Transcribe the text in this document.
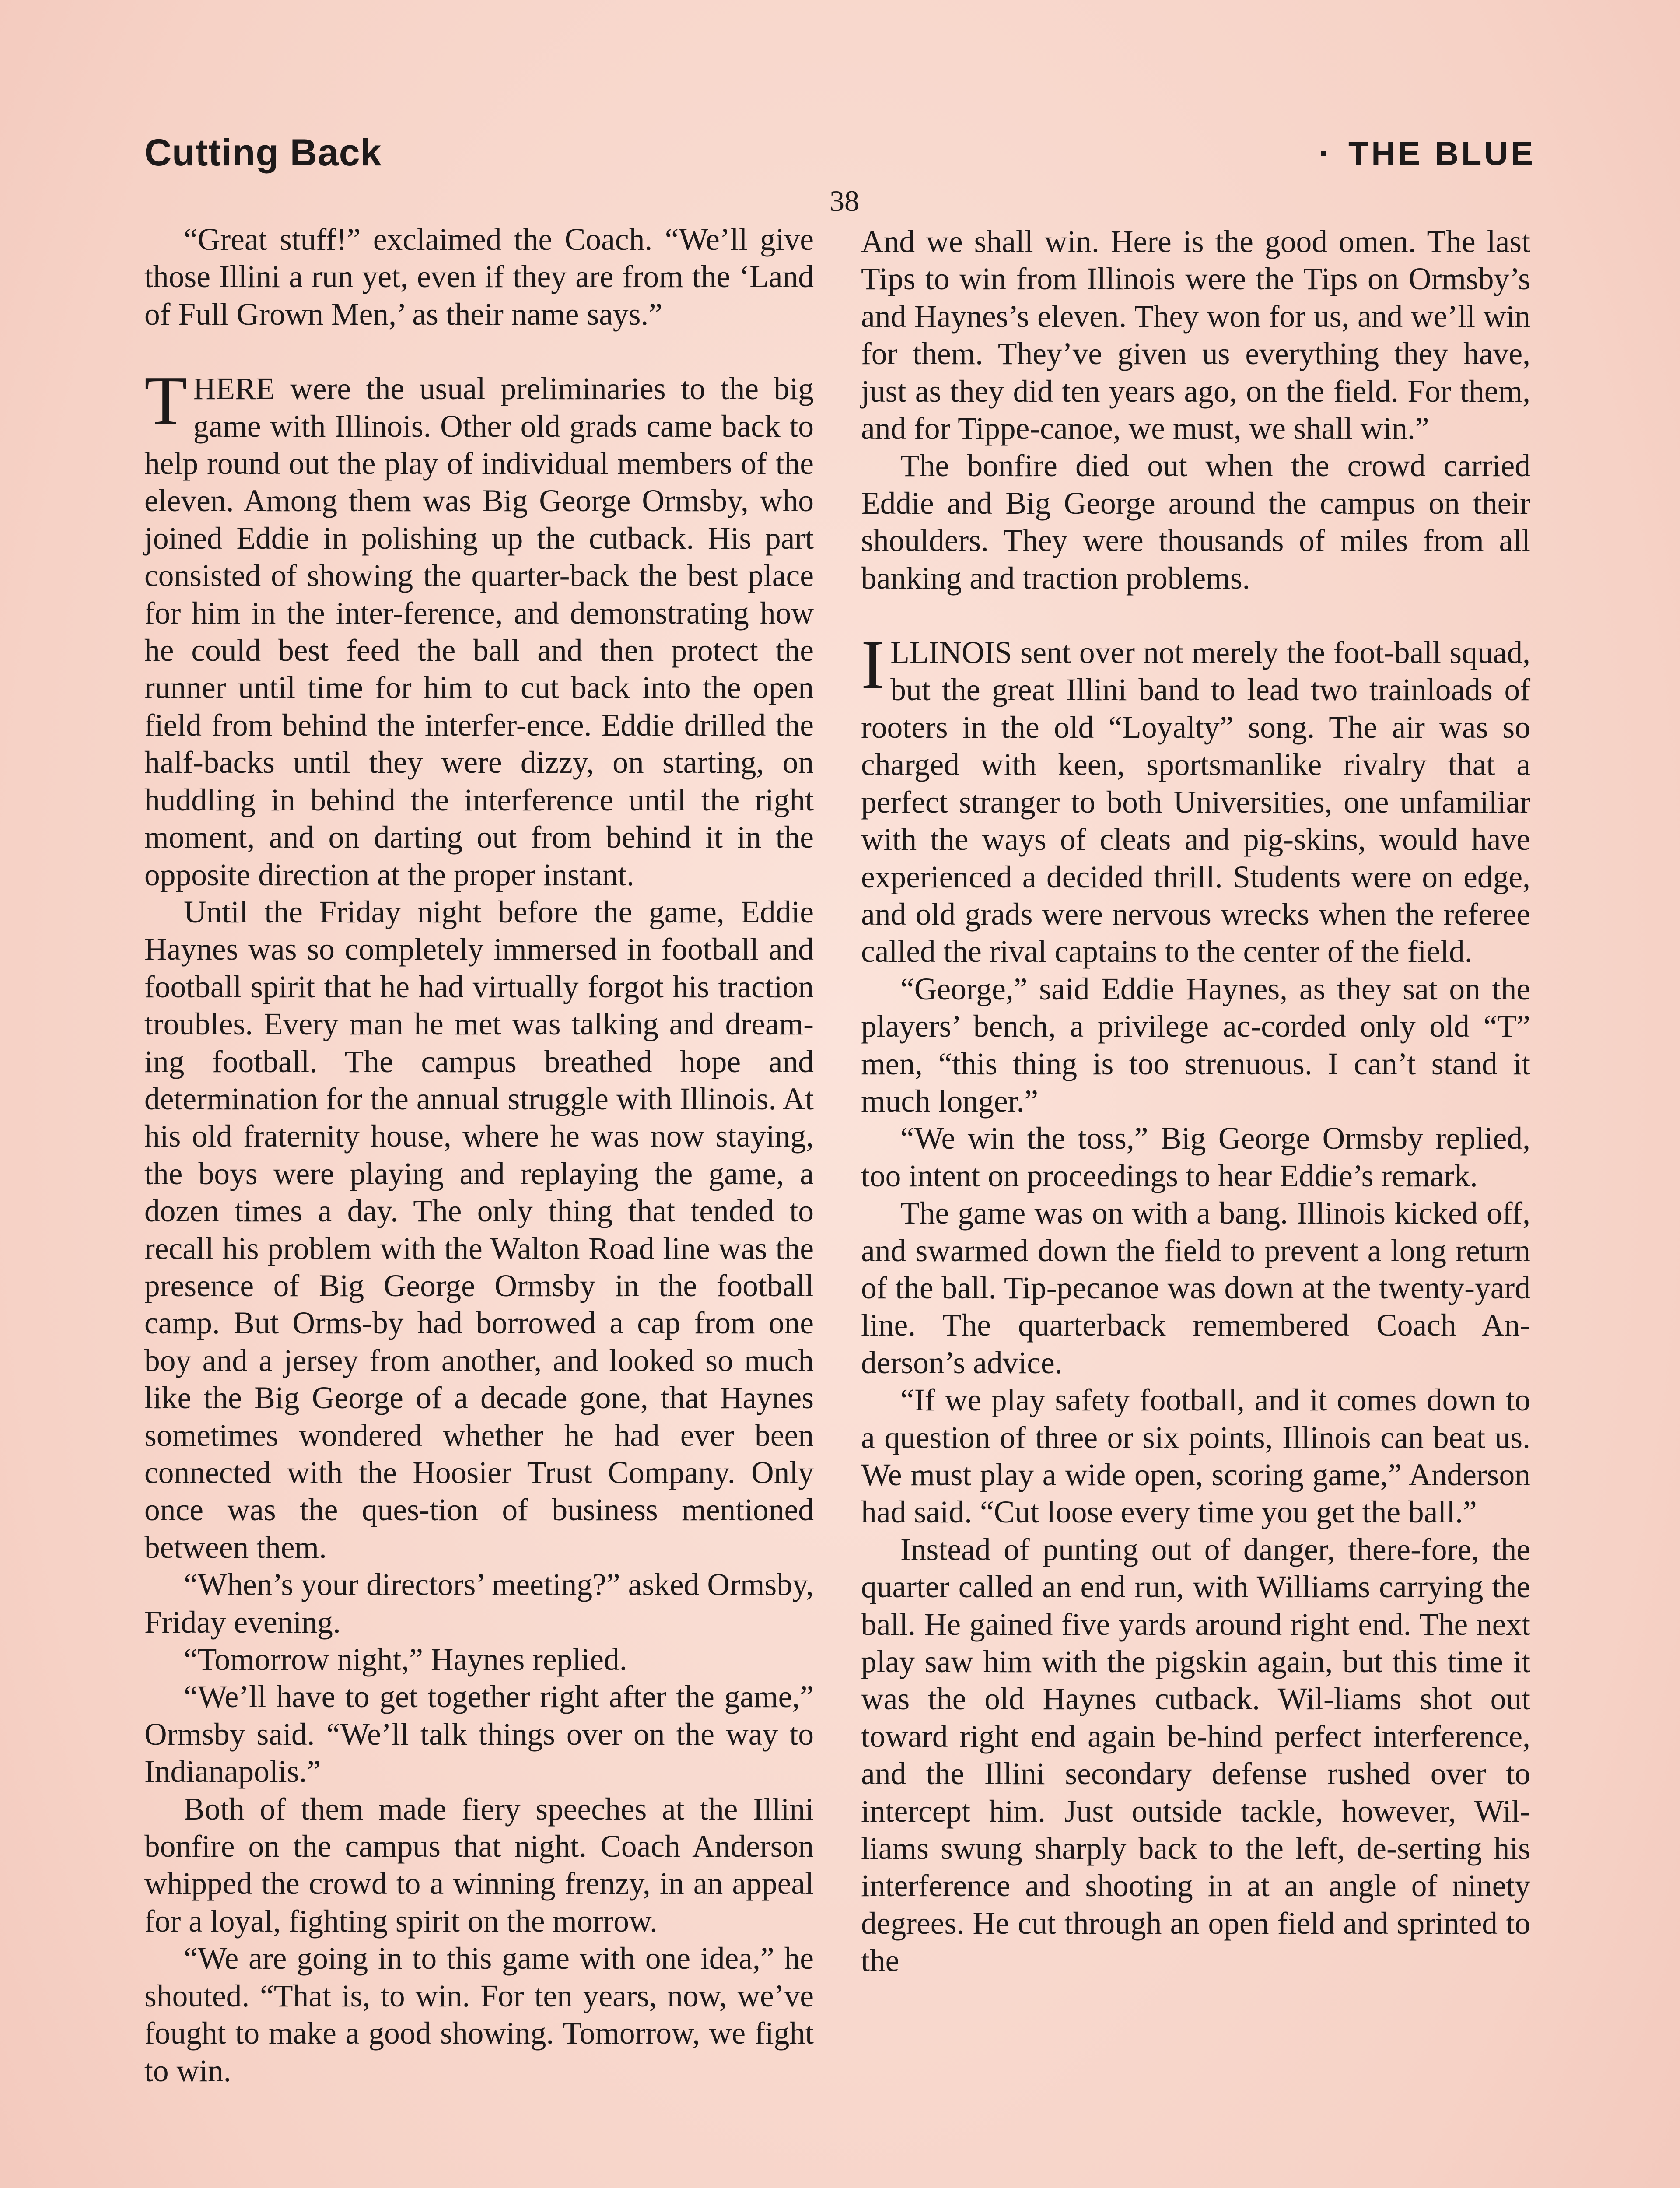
Cutting Back	· THE BLUE
38

“Great stuff!” exclaimed the Coach. “We’ll give those Illini a run yet, even if they are from the ‘Land of Full Grown Men,’ as their name says.”

THERE were the usual preliminaries to the big game with Illinois. Other old grads came back to help round out the play of individual members of the eleven. Among them was Big George Ormsby, who joined Eddie in polishing up the cutback. His part consisted of showing the quarter-back the best place for him in the inter-ference, and demonstrating how he could best feed the ball and then protect the runner until time for him to cut back into the open field from behind the interfer-ence. Eddie drilled the half-backs until they were dizzy, on starting, on huddling in behind the interference until the right moment, and on darting out from behind it in the opposite direction at the proper instant.

Until the Friday night before the game, Eddie Haynes was so completely immersed in football and football spirit that he had virtually forgot his traction troubles. Every man he met was talking and dream-ing football. The campus breathed hope and determination for the annual struggle with Illinois. At his old fraternity house, where he was now staying, the boys were playing and replaying the game, a dozen times a day. The only thing that tended to recall his problem with the Walton Road line was the presence of Big George Ormsby in the football camp. But Orms-by had borrowed a cap from one boy and a jersey from another, and looked so much like the Big George of a decade gone, that Haynes sometimes wondered whether he had ever been connected with the Hoosier Trust Company. Only once was the ques-tion of business mentioned between them.

“When’s your directors’ meeting?” asked Ormsby, Friday evening.

“Tomorrow night,” Haynes replied.

“We’ll have to get together right after the game,” Ormsby said. “We’ll talk things over on the way to Indianapolis.”

Both of them made fiery speeches at the Illini bonfire on the campus that night. Coach Anderson whipped the crowd to a winning frenzy, in an appeal for a loyal, fighting spirit on the morrow.

“We are going in to this game with one idea,” he shouted. “That is, to win. For ten years, now, we’ve fought to make a good showing. Tomorrow, we fight to win.

And we shall win. Here is the good omen. The last Tips to win from Illinois were the Tips on Ormsby’s and Haynes’s eleven. They won for us, and we’ll win for them. They’ve given us everything they have, just as they did ten years ago, on the field. For them, and for Tippe-canoe, we must, we shall win.”

The bonfire died out when the crowd carried Eddie and Big George around the campus on their shoulders. They were thousands of miles from all banking and traction problems.

ILLINOIS sent over not merely the foot-ball squad, but the great Illini band to lead two trainloads of rooters in the old “Loyalty” song. The air was so charged with keen, sportsmanlike rivalry that a perfect stranger to both Universities, one unfamiliar with the ways of cleats and pig-skins, would have experienced a decided thrill. Students were on edge, and old grads were nervous wrecks when the referee called the rival captains to the center of the field.

“George,” said Eddie Haynes, as they sat on the players’ bench, a privilege ac-corded only old “T” men, “this thing is too strenuous. I can’t stand it much longer.”

“We win the toss,” Big George Ormsby replied, too intent on proceedings to hear Eddie’s remark.

The game was on with a bang. Illinois kicked off, and swarmed down the field to prevent a long return of the ball. Tip-pecanoe was down at the twenty-yard line. The quarterback remembered Coach An-derson’s advice.

“If we play safety football, and it comes down to a question of three or six points, Illinois can beat us. We must play a wide open, scoring game,” Anderson had said. “Cut loose every time you get the ball.”

Instead of punting out of danger, there-fore, the quarter called an end run, with Williams carrying the ball. He gained five yards around right end. The next play saw him with the pigskin again, but this time it was the old Haynes cutback. Wil-liams shot out toward right end again be-hind perfect interference, and the Illini secondary defense rushed over to intercept him. Just outside tackle, however, Wil-liams swung sharply back to the left, de-serting his interference and shooting in at an angle of ninety degrees. He cut through an open field and sprinted to the
